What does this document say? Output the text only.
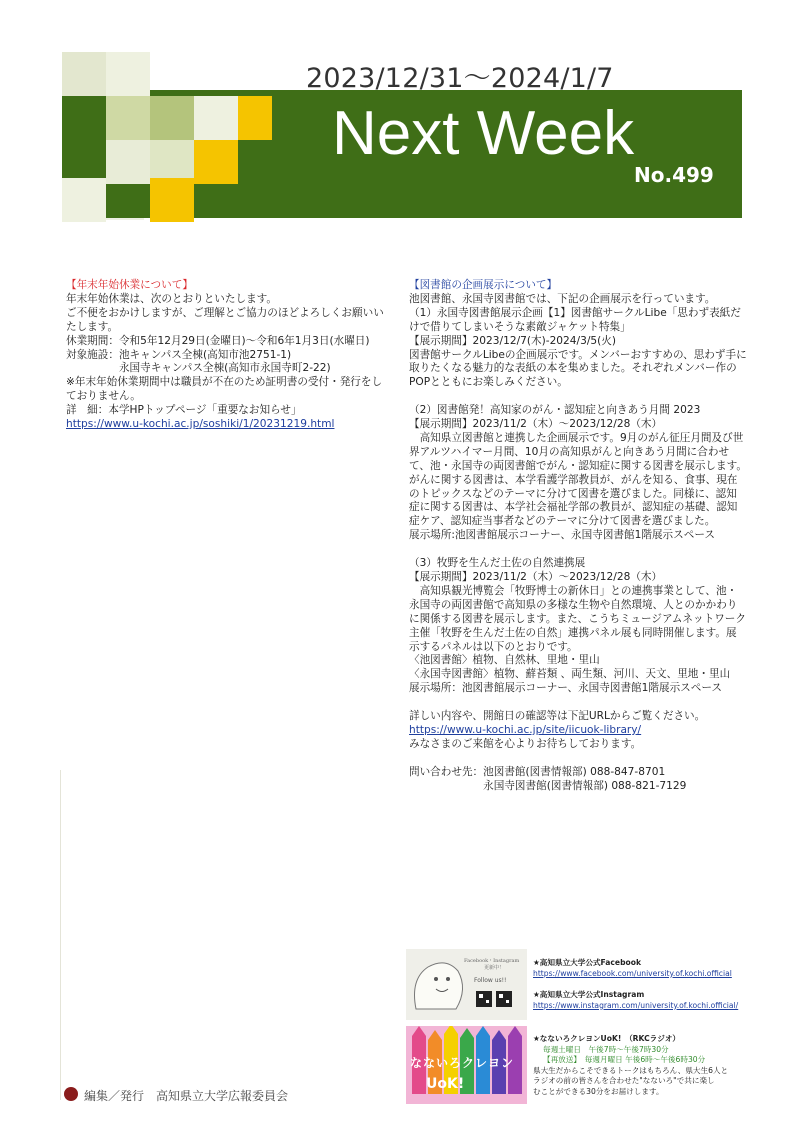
2023/12/31～2024/1/7
Next Week
No.499
【年末年始休業について】
年末年始休業は、次のとおりといたします。
ご不便をおかけしますが、ご理解とご協力のほどよろしくお願いいたします。
休業期間：令和5年12月29日(金曜日)～令和6年1月3日(水曜日)
対象施設：池キャンパス全棟(高知市池2751-1)
　　　　　永国寺キャンパス全棟(高知市永国寺町2-22)
※年末年始休業期間中は職員が不在のため証明書の受付・発行をしておりません。
詳　細：本学HPトップページ「重要なお知らせ」
https://www.u-kochi.ac.jp/soshiki/1/20231219.html
【図書館の企画展示について】
池図書館、永国寺図書館では、下記の企画展示を行っています。
（1）永国寺図書館展示企画【1】図書館サークルLibe「思わず表紙だけで借りてしまいそうな素敵ジャケット特集」
【展示期間】2023/12/7(木)-2024/3/5(火)
図書館サークルLibeの企画展示です。メンバーおすすめの、思わず手に取りたくなる魅力的な表紙の本を集めました。それぞれメンバー作のPOPとともにお楽しみください。
（2）図書館発！高知家のがん・認知症と向きあう月間 2023
【展示期間】2023/11/2（木）～2023/12/28（木）
　高知県立図書館と連携した企画展示です。9月のがん征圧月間及び世界アルツハイマー月間、10月の高知県がんと向きあう月間に合わせて、池・永国寺の両図書館でがん・認知症に関する図書を展示します。がんに関する図書は、本学看護学部教員が、がんを知る、食事、現在のトピックスなどのテーマに分けて図書を選びました。同様に、認知症に関する図書は、本学社会福祉学部の教員が、認知症の基礎、認知症ケア、認知症当事者などのテーマに分けて図書を選びました。
展示場所:池図書館展示コーナー、永国寺図書館1階展示スペース
（3）牧野を生んだ土佐の自然連携展
【展示期間】2023/11/2（木）～2023/12/28（木）
　高知県観光博覧会「牧野博士の新休日」との連携事業として、池・永国寺の両図書館で高知県の多様な生物や自然環境、人とのかかわりに関係する図書を展示します。また、こうちミュージアムネットワーク主催「牧野を生んだ土佐の自然」連携パネル展も同時開催します。展示するパネルは以下のとおりです。
〈池図書館〉植物、自然林、里地・里山
〈永国寺図書館〉植物、蘚苔類 、両生類、河川、天文、里地・里山
展示場所：池図書館展示コーナー、永国寺図書館1階展示スペース
詳しい内容や、開館日の確認等は下記URLからご覧ください。
https://www.u-kochi.ac.jp/site/iicuok-library/
みなさまのご来館を心よりお待ちしております。
問い合わせ先：池図書館(図書情報部) 088-847-8701
　　　　　　　永国寺図書館(図書情報部) 088-821-7129
Facebook・Instagram
更新中！
Follow us!!
★高知県立大学公式Facebook
https://www.facebook.com/university.of.kochi.official
★高知県立大学公式Instagram
https://www.instagram.com/university.of.kochi.official/
なないろクレヨン
UoK!
★なないろクレヨンUoK!　（RKCラジオ）
毎週土曜日　午後7時～午後7時30分
【再放送】　毎週月曜日 午後6時～午後6時30分
県大生だからこそできるトークはもちろん、県大生6人と
ラジオの前の皆さんを合わせた"なないろ"で共に楽し
むことができる30分をお届けします。
編集／発行　高知県立大学広報委員会
